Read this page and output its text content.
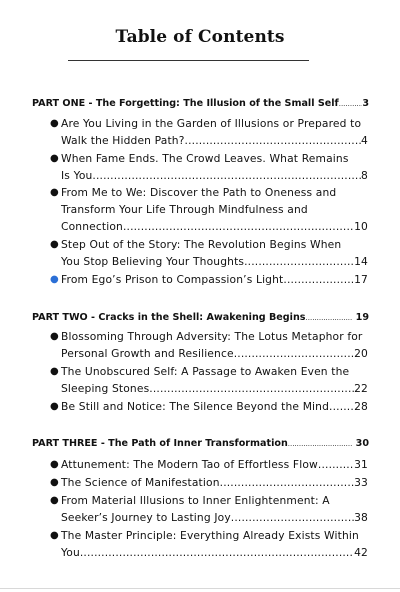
Table of Contents
PART ONE - The Forgetting: The Illusion of the Small Self ..... 3
● Are You Living in the Garden of Illusions or Prepared to
Walk the Hidden Path? .....	4
● When Fame Ends. The Crowd Leaves. What Remains
Is You. .....	8
● From Me to We: Discover the Path to Oneness and
Transform Your Life Through Mindfulness and
Connection .....	10
● Step Out of the Story: The Revolution Begins When
You Stop Believing Your Thoughts .....	14
● From Ego’s Prison to Compassion’s Light .....	17
PART TWO - Cracks in the Shell: Awakening Begins .....	19
● Blossoming Through Adversity: The Lotus Metaphor for
Personal Growth and Resilience .....	20
● The Unobscured Self: A Passage to Awaken Even the
Sleeping Stones .....	22
● Be Still and Notice: The Silence Beyond the Mind ..... 28
PART THREE - The Path of Inner Transformation .....	30
● Attunement: The Modern Tao of Effortless Flow .....	31
● The Science of Manifestation .....	33
● From Material Illusions to Inner Enlightenment: A
Seeker’s Journey to Lasting Joy .....	38
● The Master Principle: Everything Already Exists Within
You .....	42
